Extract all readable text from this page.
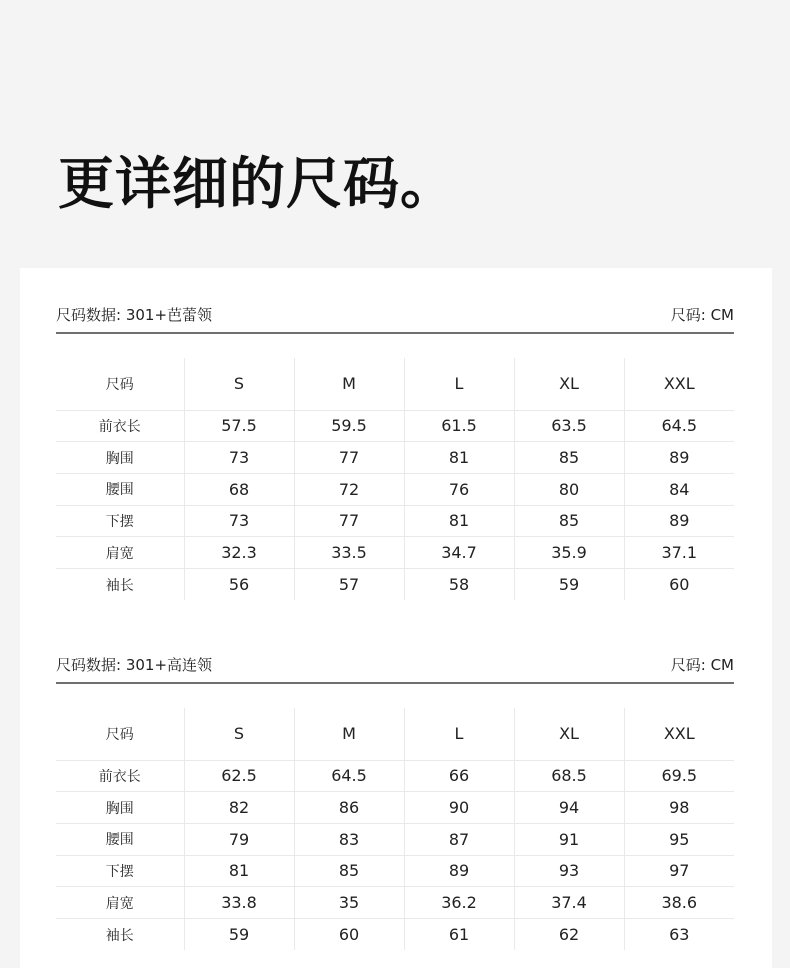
更详细的尺码。
尺码数据: 301+芭蕾领	尺码: CM
尺码	S	M	L	XL	XXL
前衣长	57.5	59.5	61.5	63.5	64.5
胸围	73	77	81	85	89
腰围	68	72	76	80	84
下摆	73	77	81	85	89
肩宽	32.3	33.5	34.7	35.9	37.1
袖长	56	57	58	59	60
尺码数据: 301+高连领	尺码: CM
尺码	S	M	L	XL	XXL
前衣长	62.5	64.5	66	68.5	69.5
胸围	82	86	90	94	98
腰围	79	83	87	91	95
下摆	81	85	89	93	97
肩宽	33.8	35	36.2	37.4	38.6
袖长	59	60	61	62	63
